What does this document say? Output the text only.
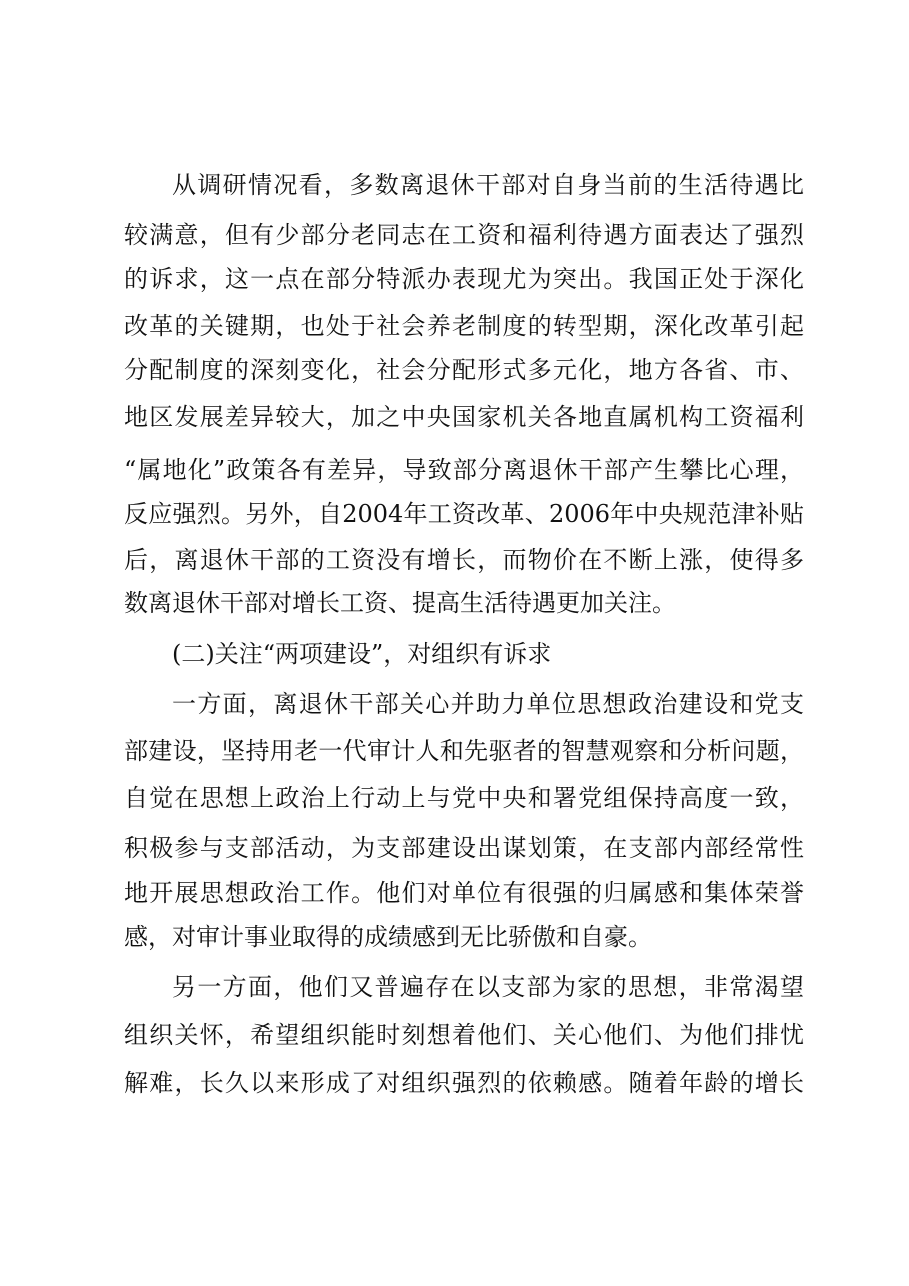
从调研情况看，多数离退休干部对自身当前的生活待遇比
较满意，但有少部分老同志在工资和福利待遇方面表达了强烈
的诉求，这一点在部分特派办表现尤为突出。我国正处于深化
改革的关键期，也处于社会养老制度的转型期，深化改革引起
分配制度的深刻变化，社会分配形式多元化，地方各省、市、
地区发展差异较大，加之中央国家机关各地直属机构工资福利
“属地化”政策各有差异，导致部分离退休干部产生攀比心理，
反应强烈。另外，自2004年工资改革、2006年中央规范津补贴
后，离退休干部的工资没有增长，而物价在不断上涨，使得多
数离退休干部对增长工资、提高生活待遇更加关注。
(二)关注“两项建设”，对组织有诉求
一方面，离退休干部关心并助力单位思想政治建设和党支
部建设，坚持用老一代审计人和先驱者的智慧观察和分析问题，
自觉在思想上政治上行动上与党中央和署党组保持高度一致，
积极参与支部活动，为支部建设出谋划策，在支部内部经常性
地开展思想政治工作。他们对单位有很强的归属感和集体荣誉
感，对审计事业取得的成绩感到无比骄傲和自豪。
另一方面，他们又普遍存在以支部为家的思想，非常渴望
组织关怀，希望组织能时刻想着他们、关心他们、为他们排忧
解难，长久以来形成了对组织强烈的依赖感。随着年龄的增长
